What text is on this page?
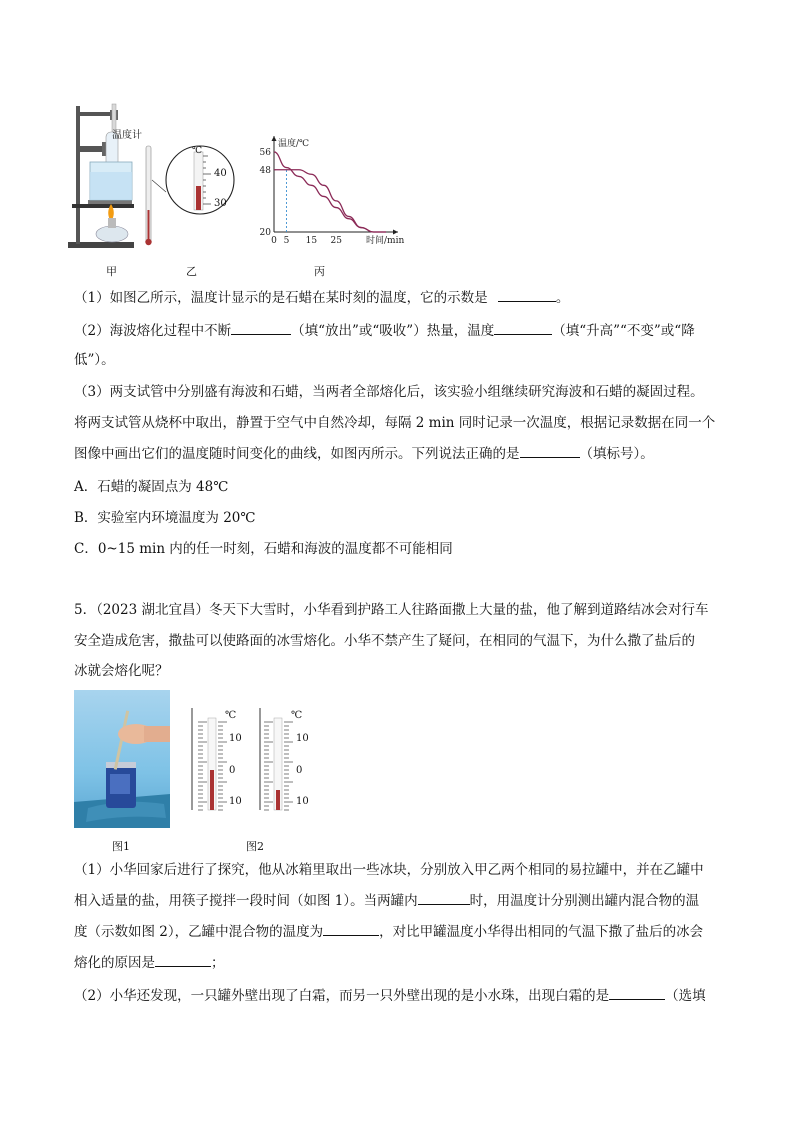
温度计
℃
40
30
温度/℃
时间/min
56
48
20
0 5 15 25
甲	乙	丙
（1）如图乙所示，温度计显示的是石蜡在某时刻的温度，它的示数是	。
（2）海波熔化过程中不断	（填“放出”或“吸收”）热量，温度	（填“升高”“不变”或“降
低”）。
（3）两支试管中分别盛有海波和石蜡，当两者全部熔化后，该实验小组继续研究海波和石蜡的凝固过程。
将两支试管从烧杯中取出，静置于空气中自然冷却，每隔 2 min 同时记录一次温度，根据记录数据在同一个
图像中画出它们的温度随时间变化的曲线，如图丙所示。下列说法正确的是	（填标号）。
A．石蜡的凝固点为 48℃
B．实验室内环境温度为 20℃
C．0~15 min 内的任一时刻，石蜡和海波的温度都不可能相同
5．（2023 湖北宜昌）冬天下大雪时，小华看到护路工人往路面撒上大量的盐，他了解到道路结冰会对行车
安全造成危害，撒盐可以使路面的冰雪熔化。小华不禁产生了疑问，在相同的气温下，为什么撒了盐后的
冰就会熔化呢？
℃
10
0
10
℃
10
0
10
图1	图2
（1）小华回家后进行了探究，他从冰箱里取出一些冰块，分别放入甲乙两个相同的易拉罐中，并在乙罐中
相入适量的盐，用筷子搅拌一段时间（如图 1）。当两罐内	时，用温度计分别测出罐内混合物的温
度（示数如图 2），乙罐中混合物的温度为	，对比甲罐温度小华得出相同的气温下撒了盐后的冰会
熔化的原因是	；
（2）小华还发现，一只罐外壁出现了白霜，而另一只外壁出现的是小水珠，出现白霜的是	（选填
